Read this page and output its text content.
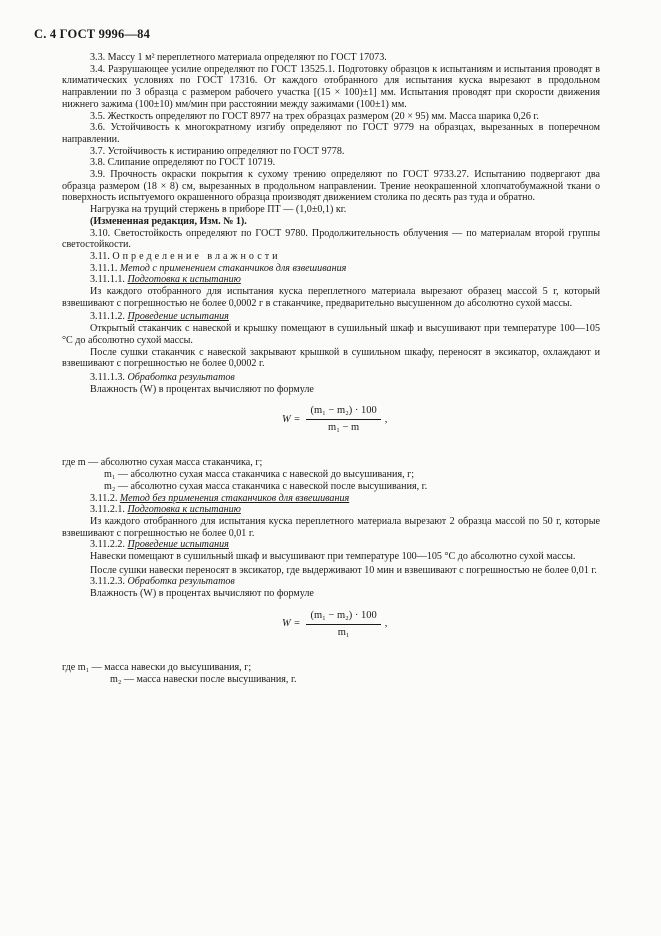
С. 4 ГОСТ 9996—84

3.3. Массу 1 м² переплетного материала определяют по ГОСТ 17073.

3.4. Разрушающее усилие определяют по ГОСТ 13525.1. Подготовку образцов к испытаниям и испытания проводят в климатических условиях по ГОСТ 17316. От каждого отобранного для испытания куска вырезают в продольном направлении по 3 образца с размером рабочего участка [(15 × 100)±1] мм. Испытания проводят при скорости движения нижнего зажима (100±10) мм/мин при расстоянии между зажимами (100±1) мм.

3.5. Жесткость определяют по ГОСТ 8977 на трех образцах размером (20 × 95) мм. Масса шарика 0,26 г.

3.6. Устойчивость к многократному изгибу определяют по ГОСТ 9779 на образцах, вырезанных в поперечном направлении.

3.7. Устойчивость к истиранию определяют по ГОСТ 9778.

3.8. Слипание определяют по ГОСТ 10719.

3.9. Прочность окраски покрытия к сухому трению определяют по ГОСТ 9733.27. Испытанию подвергают два образца размером (18 × 8) см, вырезанных в продольном направлении. Трение неокрашенной хлопчатобумажной ткани о поверхность испытуемого окрашенного образца производят движением столика по десять раз туда и обратно.

Нагрузка на трущий стержень в приборе ПТ — (1,0±0,1) кг.

(Измененная редакция, Изм. № 1).

3.10. Светостойкость определяют по ГОСТ 9780. Продолжительность облучения — по материалам второй группы светостойкости.

3.11. Определение влажности

3.11.1. Метод с применением стаканчиков для взвешивания

3.11.1.1. Подготовка к испытанию

Из каждого отобранного для испытания куска переплетного материала вырезают образец массой 5 г, который взвешивают с погрешностью не более 0,0002 г в стаканчике, предварительно высушенном до абсолютно сухой массы.

3.11.1.2. Проведение испытания

Открытый стаканчик с навеской и крышку помещают в сушильный шкаф и высушивают при температуре 100—105 °С до абсолютно сухой массы.

После сушки стаканчик с навеской закрывают крышкой в сушильном шкафу, переносят в эксикатор, охлаждают и взвешивают с погрешностью не более 0,0002 г.

3.11.1.3. Обработка результатов

Влажность (W) в процентах вычисляют по формуле

$W = \frac{\text{(m₁ − m₂) · 100}}{\text{m₁ − m}}$ ,

где m — абсолютно сухая масса стаканчика, г;

m₁ — абсолютно сухая масса стаканчика с навеской до высушивания, г;

m₂ — абсолютно сухая масса стаканчика с навеской после высушивания, г.

3.11.2. Метод без применения стаканчиков для взвешивания

3.11.2.1. Подготовка к испытанию

Из каждого отобранного для испытания куска переплетного материала вырезают 2 образца массой по 50 г, которые взвешивают с погрешностью не более 0,01 г.

3.11.2.2. Проведение испытания

Навески помещают в сушильный шкаф и высушивают при температуре 100—105 °С до абсолютно сухой массы.

После сушки навески переносят в эксикатор, где выдерживают 10 мин и взвешивают с погрешностью не более 0,01 г.

3.11.2.3. Обработка результатов

Влажность (W) в процентах вычисляют по формуле

$W = \frac{\text{(m₁ − m₂) · 100}}{\text{m₁}}$ ,

где m₁ — масса навески до высушивания, г;

m₂ — масса навески после высушивания, г.
